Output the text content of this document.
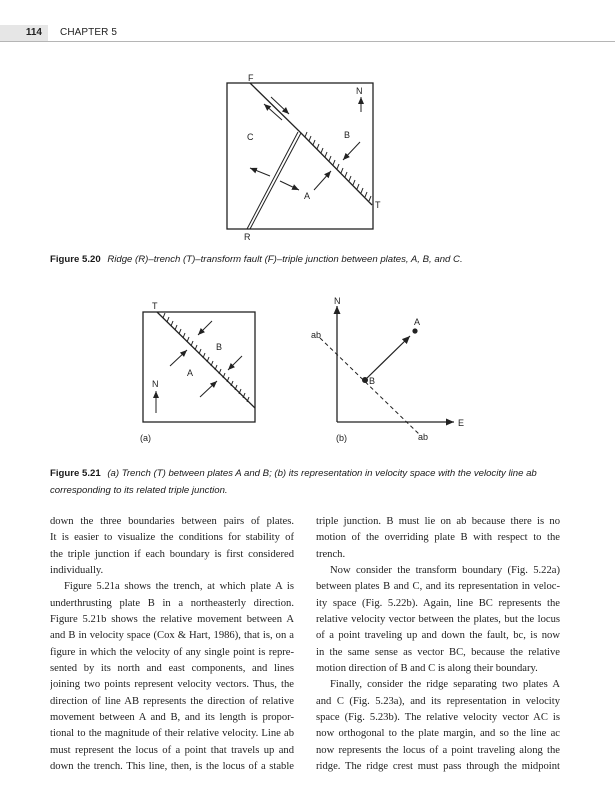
114 CHAPTER 5
F
R
T
N
C	B
A
Figure 5.20 Ridge (R)–trench (T)–transform fault (F)–triple junction between plates, A, B, and C.
T
B
A
N
(a)
N
E
ab
ab
A
B
(b)
Figure 5.21 (a) Trench (T) between plates A and B; (b) its representation in velocity space with the velocity line ab
corresponding to its related triple junction.
down the three boundaries between pairs of plates.
It is easier to visualize the conditions for stability of
the triple junction if each boundary is first considered
individually.
Figure 5.21a shows the trench, at which plate A is
underthrusting plate B in a northeasterly direction.
Figure 5.21b shows the relative movement between A
and B in velocity space (Cox & Hart, 1986), that is, on a
figure in which the velocity of any single point is repre-
sented by its north and east components, and lines
joining two points represent velocity vectors. Thus, the
direction of line AB represents the direction of relative
movement between A and B, and its length is propor-
tional to the magnitude of their relative velocity. Line ab
must represent the locus of a point that travels up and
down the trench. This line, then, is the locus of a stable
triple junction. B must lie on ab because there is no
motion of the overriding plate B with respect to the
trench.
Now consider the transform boundary (Fig. 5.22a)
between plates B and C, and its representation in veloc-
ity space (Fig. 5.22b). Again, line BC represents the
relative velocity vector between the plates, but the locus
of a point traveling up and down the fault, bc, is now
in the same sense as vector BC, because the relative
motion direction of B and C is along their boundary.
Finally, consider the ridge separating two plates A
and C (Fig. 5.23a), and its representation in velocity
space (Fig. 5.23b). The relative velocity vector AC is
now orthogonal to the plate margin, and so the line ac
now represents the locus of a point traveling along the
ridge. The ridge crest must pass through the midpoint
